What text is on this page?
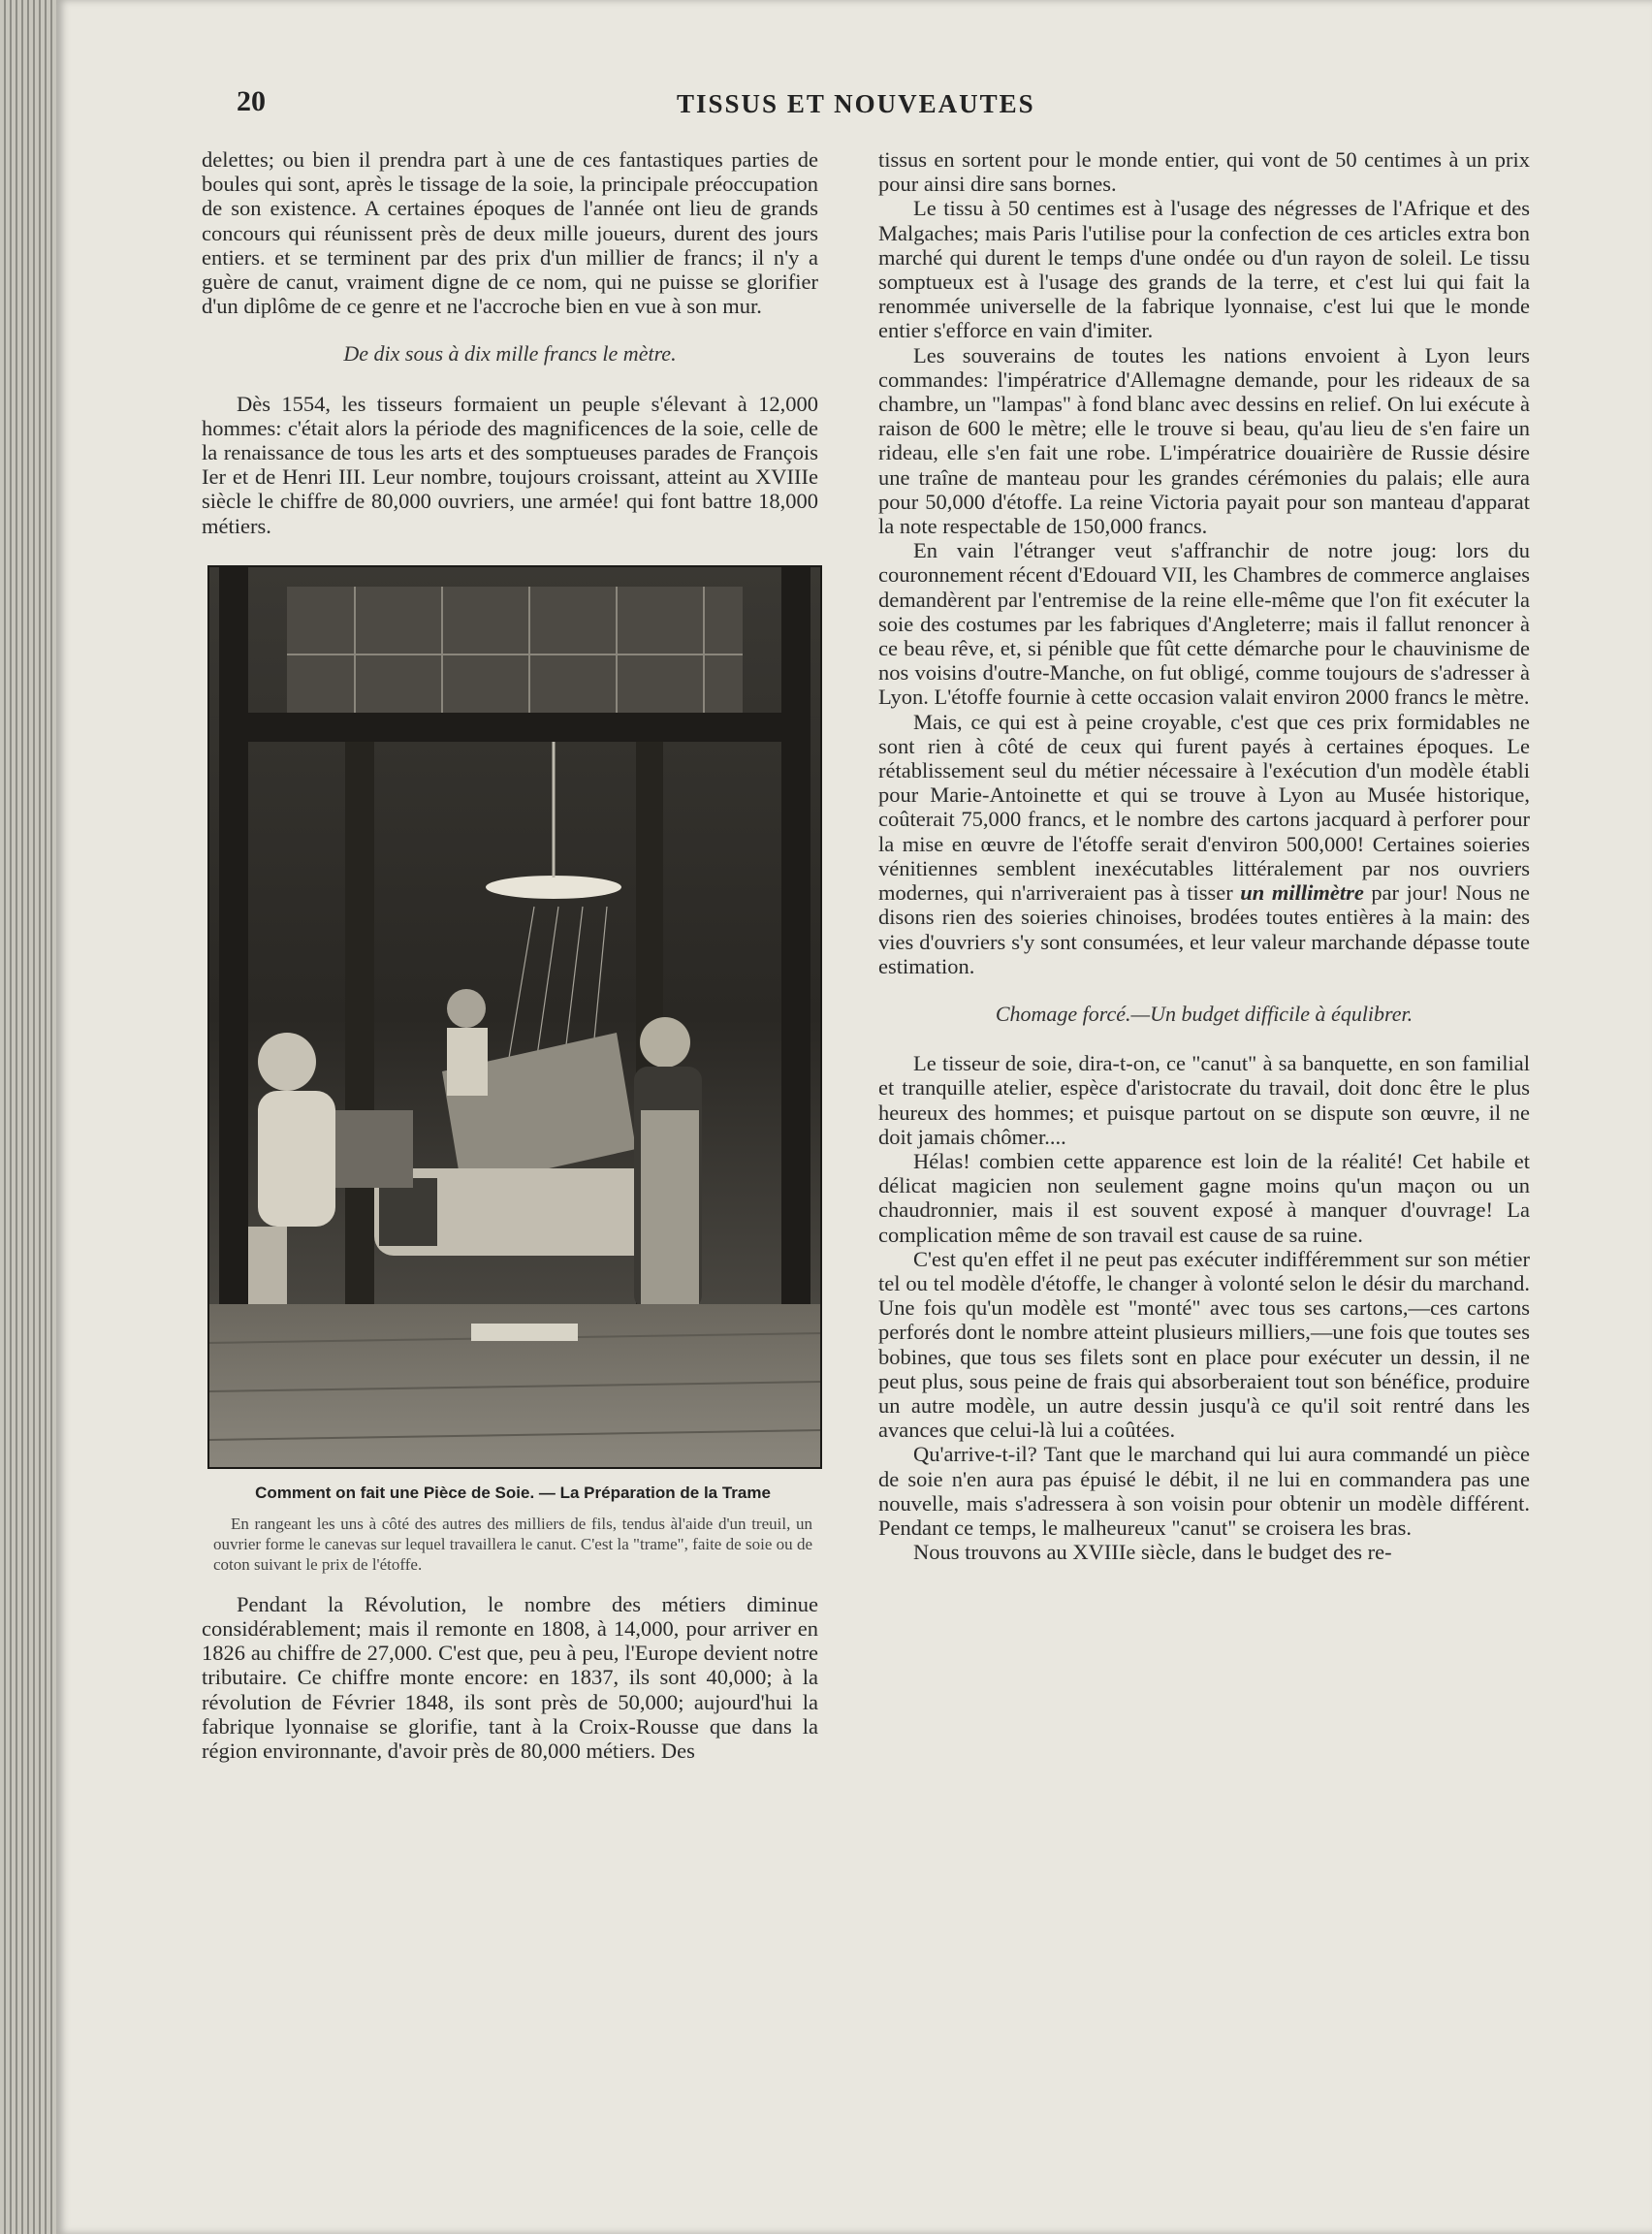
20	TISSUS ET NOUVEAUTES

delettes; ou bien il prendra part à une de ces fantastiques parties de boules qui sont, après le tissage de la soie, la principale préoccupation de son existence. A certaines époques de l'année ont lieu de grands concours qui réunissent près de deux mille joueurs, durent des jours entiers. et se terminent par des prix d'un millier de francs; il n'y a guère de canut, vraiment digne de ce nom, qui ne puisse se glorifier d'un diplôme de ce genre et ne l'accroche bien en vue à son mur.

De dix sous à dix mille francs le mètre.

Dès 1554, les tisseurs formaient un peuple s'élevant à 12,000 hommes: c'était alors la période des magnificences de la soie, celle de la renaissance de tous les arts et des somptueuses parades de François Ier et de Henri III. Leur nombre, toujours croissant, atteint au XVIIIe siècle le chiffre de 80,000 ouvriers, une armée! qui font battre 18,000 métiers.

Comment on fait une Pièce de Soie. — La Préparation de la Trame
En rangeant les uns à côté des autres des milliers de fils, tendus àl'aide d'un treuil, un ouvrier forme le canevas sur lequel travaillera le canut. C'est la "trame", faite de soie ou de coton suivant le prix de l'étoffe.

Pendant la Révolution, le nombre des métiers diminue considérablement; mais il remonte en 1808, à 14,000, pour arriver en 1826 au chiffre de 27,000. C'est que, peu à peu, l'Europe devient notre tributaire. Ce chiffre monte encore: en 1837, ils sont 40,000; à la révolution de Février 1848, ils sont près de 50,000; aujourd'hui la fabrique lyonnaise se glorifie, tant à la Croix-Rousse que dans la région environnante, d'avoir près de 80,000 métiers. Des

tissus en sortent pour le monde entier, qui vont de 50 centimes à un prix pour ainsi dire sans bornes.

Le tissu à 50 centimes est à l'usage des négresses de l'Afrique et des Malgaches; mais Paris l'utilise pour la confection de ces articles extra bon marché qui durent le temps d'une ondée ou d'un rayon de soleil. Le tissu somptueux est à l'usage des grands de la terre, et c'est lui qui fait la renommée universelle de la fabrique lyonnaise, c'est lui que le monde entier s'efforce en vain d'imiter.

Les souverains de toutes les nations envoient à Lyon leurs commandes: l'impératrice d'Allemagne demande, pour les rideaux de sa chambre, un "lampas" à fond blanc avec dessins en relief. On lui exécute à raison de 600 le mètre; elle le trouve si beau, qu'au lieu de s'en faire un rideau, elle s'en fait une robe. L'impératrice douairière de Russie désire une traîne de manteau pour les grandes cérémonies du palais; elle aura pour 50,000 d'étoffe. La reine Victoria payait pour son manteau d'apparat la note respectable de 150,000 francs.

En vain l'étranger veut s'affranchir de notre joug: lors du couronnement récent d'Edouard VII, les Chambres de commerce anglaises demandèrent par l'entremise de la reine elle-même que l'on fit exécuter la soie des costumes par les fabriques d'Angleterre; mais il fallut renoncer à ce beau rêve, et, si pénible que fût cette démarche pour le chauvinisme de nos voisins d'outre-Manche, on fut obligé, comme toujours de s'adresser à Lyon. L'étoffe fournie à cette occasion valait environ 2000 francs le mètre.

Mais, ce qui est à peine croyable, c'est que ces prix formidables ne sont rien à côté de ceux qui furent payés à certaines époques. Le rétablissement seul du métier nécessaire à l'exécution d'un modèle établi pour Marie-Antoinette et qui se trouve à Lyon au Musée historique, coûterait 75,000 francs, et le nombre des cartons jacquard à perforer pour la mise en œuvre de l'étoffe serait d'environ 500,000! Certaines soieries vénitiennes semblent inexécutables littéralement par nos ouvriers modernes, qui n'arriveraient pas à tisser un millimètre par jour! Nous ne disons rien des soieries chinoises, brodées toutes entières à la main: des vies d'ouvriers s'y sont consumées, et leur valeur marchande dépasse toute estimation.

Chomage forcé.—Un budget difficile à équlibrer.

Le tisseur de soie, dira-t-on, ce "canut" à sa banquette, en son familial et tranquille atelier, espèce d'aristocrate du travail, doit donc être le plus heureux des hommes; et puisque partout on se dispute son œuvre, il ne doit jamais chômer....

Hélas! combien cette apparence est loin de la réalité! Cet habile et délicat magicien non seulement gagne moins qu'un maçon ou un chaudronnier, mais il est souvent exposé à manquer d'ouvrage! La complication même de son travail est cause de sa ruine.

C'est qu'en effet il ne peut pas exécuter indifféremment sur son métier tel ou tel modèle d'étoffe, le changer à volonté selon le désir du marchand. Une fois qu'un modèle est "monté" avec tous ses cartons,—ces cartons perforés dont le nombre atteint plusieurs milliers,—une fois que toutes ses bobines, que tous ses filets sont en place pour exécuter un dessin, il ne peut plus, sous peine de frais qui absorberaient tout son bénéfice, produire un autre modèle, un autre dessin jusqu'à ce qu'il soit rentré dans les avances que celui-là lui a coûtées.

Qu'arrive-t-il? Tant que le marchand qui lui aura commandé un pièce de soie n'en aura pas épuisé le débit, il ne lui en commandera pas une nouvelle, mais s'adressera à son voisin pour obtenir un modèle différent. Pendant ce temps, le malheureux "canut" se croisera les bras.

Nous trouvons au XVIIIe siècle, dans le budget des re-
